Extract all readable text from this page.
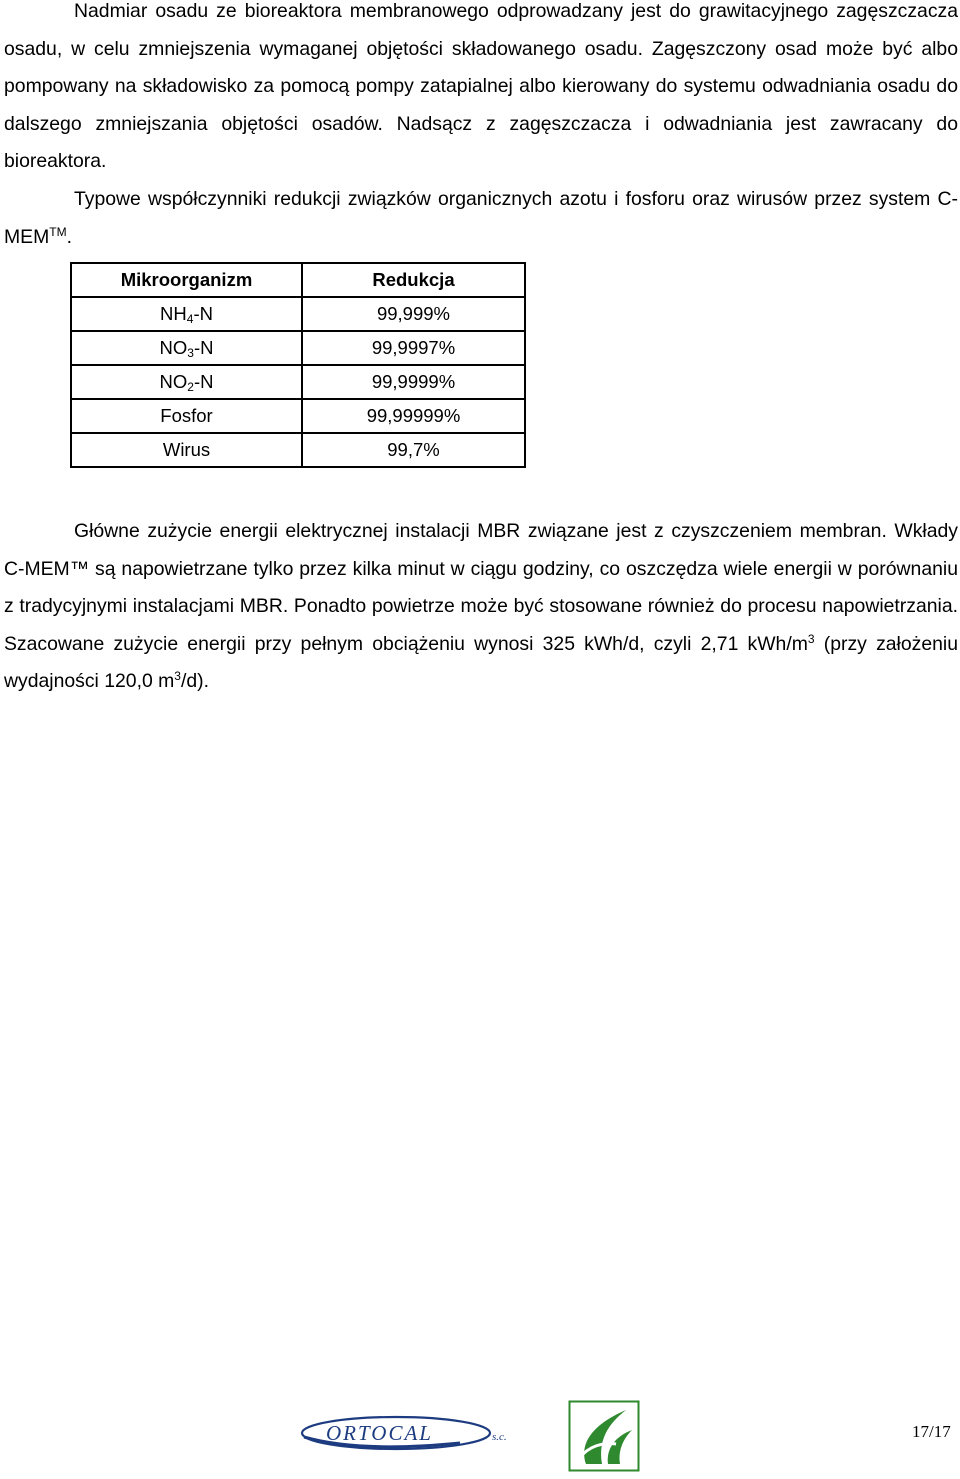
Nadmiar osadu ze bioreaktora membranowego odprowadzany jest do grawitacyjnego zagęszczacza osadu, w celu zmniejszenia wymaganej objętości składowanego osadu. Zagęszczony osad może być albo pompowany na składowisko za pomocą pompy zatapialnej albo kierowany do systemu odwadniania osadu do dalszego zmniejszania objętości osadów. Nadsącz z zagęszczacza i odwadniania jest zawracany do bioreaktora.

Typowe współczynniki redukcji związków organicznych azotu i fosforu oraz wirusów przez system C-MEM™.

Mikroorganizm	Redukcja
$NH_4-N$	99,999%
$NO_3-N$	99,9997%
$NO_2-N$	99,9999%
Fosfor	99,99999%
Wirus	99,7%

Główne zużycie energii elektrycznej instalacji MBR związane jest z czyszczeniem membran. Wkłady C-MEM™ są napowietrzane tylko przez kilka minut w ciągu godziny, co oszczędza wiele energii w porównaniu z tradycyjnymi instalacjami MBR. Ponadto powietrze może być stosowane również do procesu napowietrzania. Szacowane zużycie energii przy pełnym obciążeniu wynosi 325 kWh/d, czyli 2,71 kWh/$m^3$ (przy założeniu wydajności 120,0 $m^3/d$).

ORTOCAL	s.c.	17/17
